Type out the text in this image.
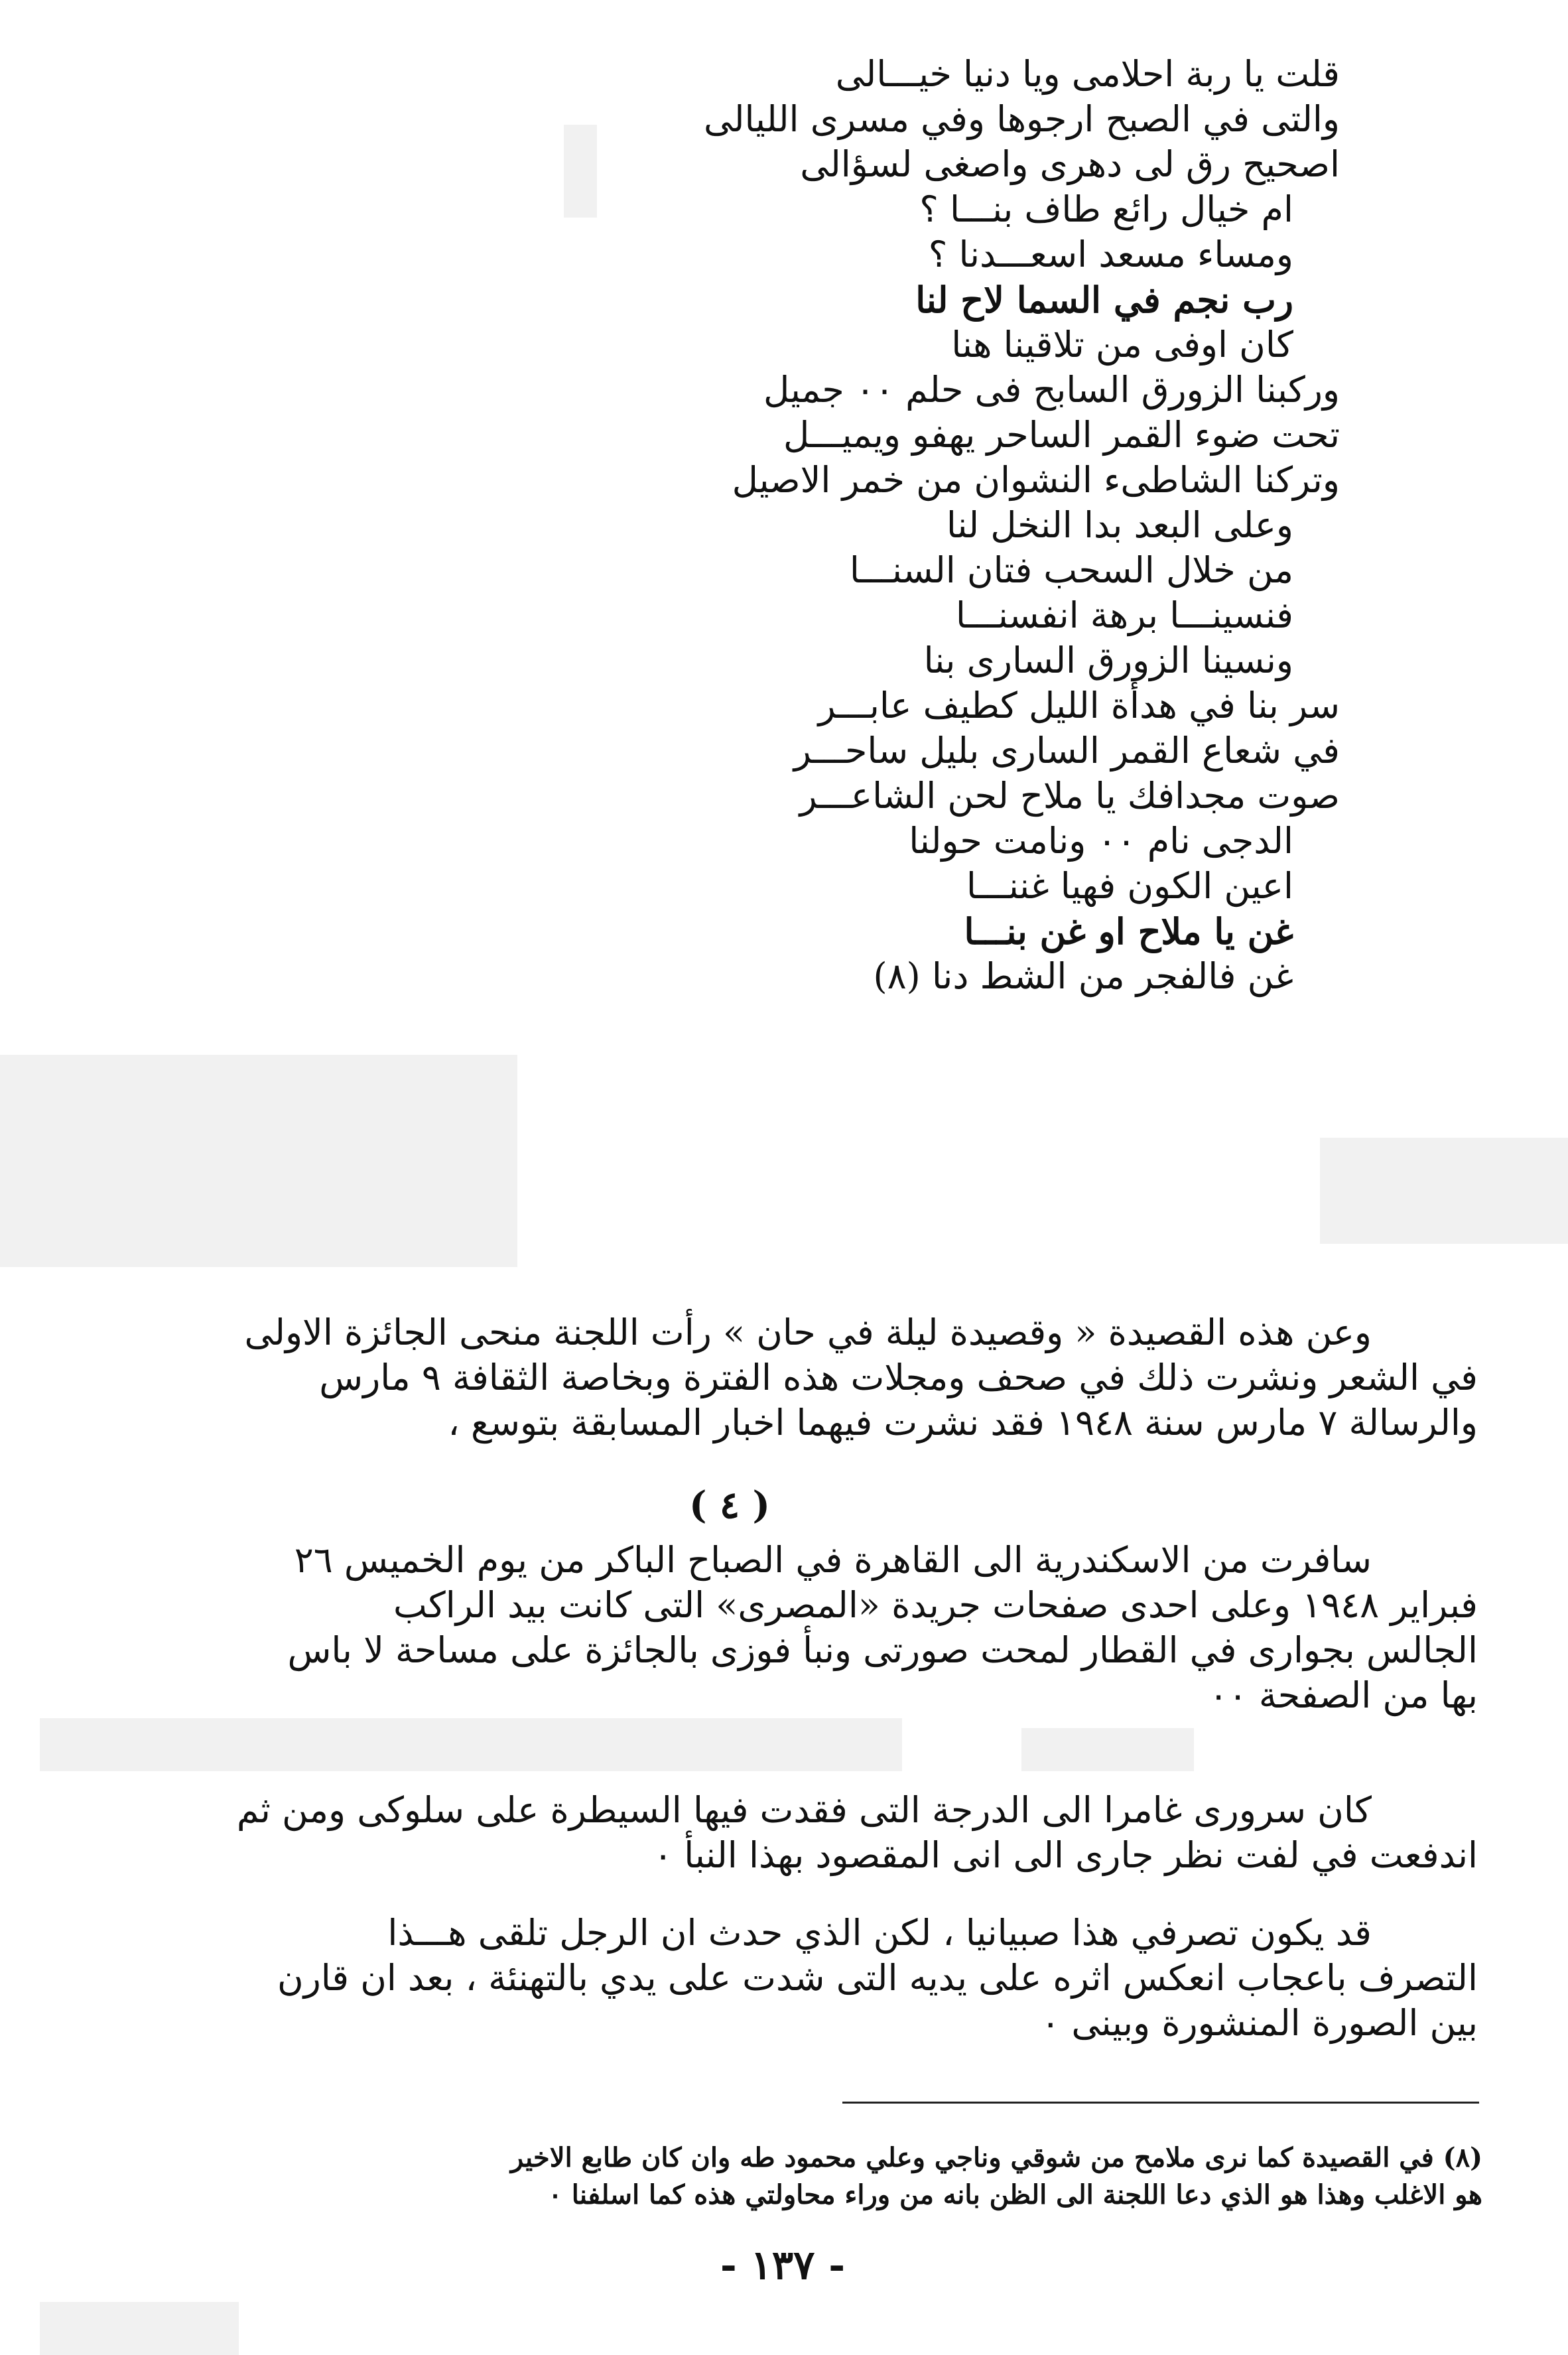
قلت يا ربة احلامى ويا دنيا خيـــالى
والتى في الصبح ارجوها وفي مسرى الليالى
اصحيح رق لى دهرى واصغى لسؤالى
ام خيال رائع طاف بنـــا ؟
ومساء مسعد اسعـــدنا ؟
رب نجم في السما لاح لنا
كان اوفى من تلاقينا هنا
وركبنا الزورق السابح فى حلم ٠٠ جميل
تحت ضوء القمر الساحر يهفو ويميـــل
وتركنا الشاطىء النشوان من خمر الاصيل
وعلى البعد بدا النخل لنا
من خلال السحب فتان السنـــا
فنسينـــا برهة انفسنـــا
ونسينا الزورق السارى بنا
سر بنا في هدأة الليل كطيف عابـــر
في شعاع القمر السارى بليل ساحـــر
صوت مجدافك يا ملاح لحن الشاعـــر
الدجى نام ٠٠ ونامت حولنا
اعين الكون فهيا غننـــا
غن يا ملاح او غن بنـــا
غن فالفجر من الشط دنا (٨)
وعن هذه القصيدة « وقصيدة ليلة في حان » رأت اللجنة منحى الجائزة الاولى
في الشعر ونشرت ذلك في صحف ومجلات هذه الفترة وبخاصة الثقافة ٩ مارس
والرسالة ٧ مارس سنة ١٩٤٨ فقد نشرت فيهما اخبار المسابقة بتوسع ،
( ٤ )
سافرت من الاسكندرية الى القاهرة في الصباح الباكر من يوم الخميس ٢٦
فبراير ١٩٤٨ وعلى احدى صفحات جريدة «المصرى» التى كانت بيد الراكب
الجالس بجوارى في القطار لمحت صورتى ونبأ فوزى بالجائزة على مساحة لا باس
بها من الصفحة ٠٠
كان سرورى غامرا الى الدرجة التى فقدت فيها السيطرة على سلوكى ومن ثم
اندفعت في لفت نظر جارى الى انى المقصود بهذا النبأ ٠
قد يكون تصرفي هذا صبيانيا ، لكن الذي حدث ان الرجل تلقى هـــذا
التصرف باعجاب انعكس اثره على يديه التى شدت على يدي بالتهنئة ، بعد ان قارن
بين الصورة المنشورة وبينى ٠
(٨) في القصيدة كما نرى ملامح من شوقي وناجي وعلي محمود طه وان كان طابع الاخير
هو الاغلب وهذا هو الذي دعا اللجنة الى الظن بانه من وراء محاولتي هذه كما اسلفنا ٠
- ١٣٧ -
